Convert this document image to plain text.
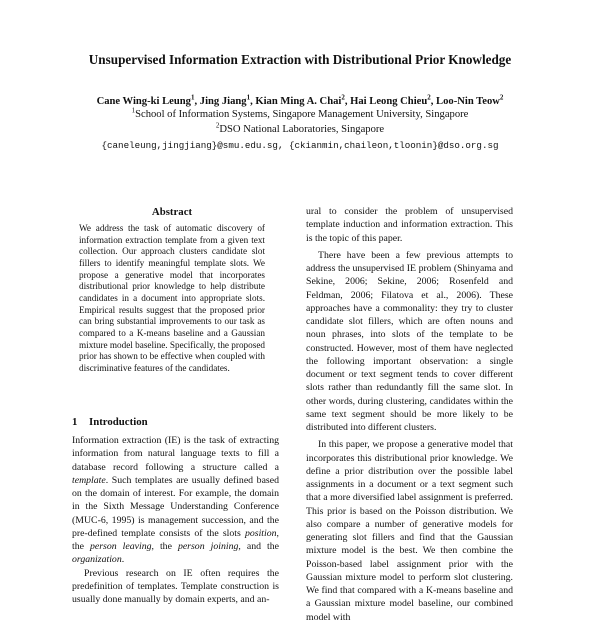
Unsupervised Information Extraction with Distributional Prior Knowledge
Cane Wing-ki Leung$^1$, Jing Jiang$^1$, Kian Ming A. Chai$^2$, Hai Leong Chieu$^2$, Loo-Nin Teow$^2$
$^1$School of Information Systems, Singapore Management University, Singapore
$^2$DSO National Laboratories, Singapore
{caneleung,jingjiang}@smu.edu.sg, {ckianmin,chaileon,tloonin}@dso.org.sg
Abstract
We address the task of automatic discovery of information extraction template from a given text collection. Our approach clusters candidate slot fillers to identify meaningful template slots. We propose a generative model that incorporates distributional prior knowledge to help distribute candidates in a document into appropriate slots. Empirical results suggest that the proposed prior can bring substantial improvements to our task as compared to a K-means baseline and a Gaussian mixture model baseline. Specifically, the proposed prior has shown to be effective when coupled with discriminative features of the candidates.
1 Introduction

Information extraction (IE) is the task of extracting information from natural language texts to fill a database record following a structure called a template. Such templates are usually defined based on the domain of interest. For example, the domain in the Sixth Message Understanding Conference (MUC-6, 1995) is management succession, and the pre-defined template consists of the slots position, the person leaving, the person joining, and the organization.

Previous research on IE often requires the predefinition of templates. Template construction is usually done manually by domain experts, and an-

ural to consider the problem of unsupervised template induction and information extraction. This is the topic of this paper.

There have been a few previous attempts to address the unsupervised IE problem (Shinyama and Sekine, 2006; Sekine, 2006; Rosenfeld and Feldman, 2006; Filatova et al., 2006). These approaches have a commonality: they try to cluster candidate slot fillers, which are often nouns and noun phrases, into slots of the template to be constructed. However, most of them have neglected the following important observation: a single document or text segment tends to cover different slots rather than redundantly fill the same slot. In other words, during clustering, candidates within the same text segment should be more likely to be distributed into different clusters.

In this paper, we propose a generative model that incorporates this distributional prior knowledge. We define a prior distribution over the possible label assignments in a document or a text segment such that a more diversified label assignment is preferred. This prior is based on the Poisson distribution. We also compare a number of generative models for generating slot fillers and find that the Gaussian mixture model is the best. We then combine the Poisson-based label assignment prior with the Gaussian mixture model to perform slot clustering. We find that compared with a K-means baseline and a Gaussian mixture model baseline, our combined model with
